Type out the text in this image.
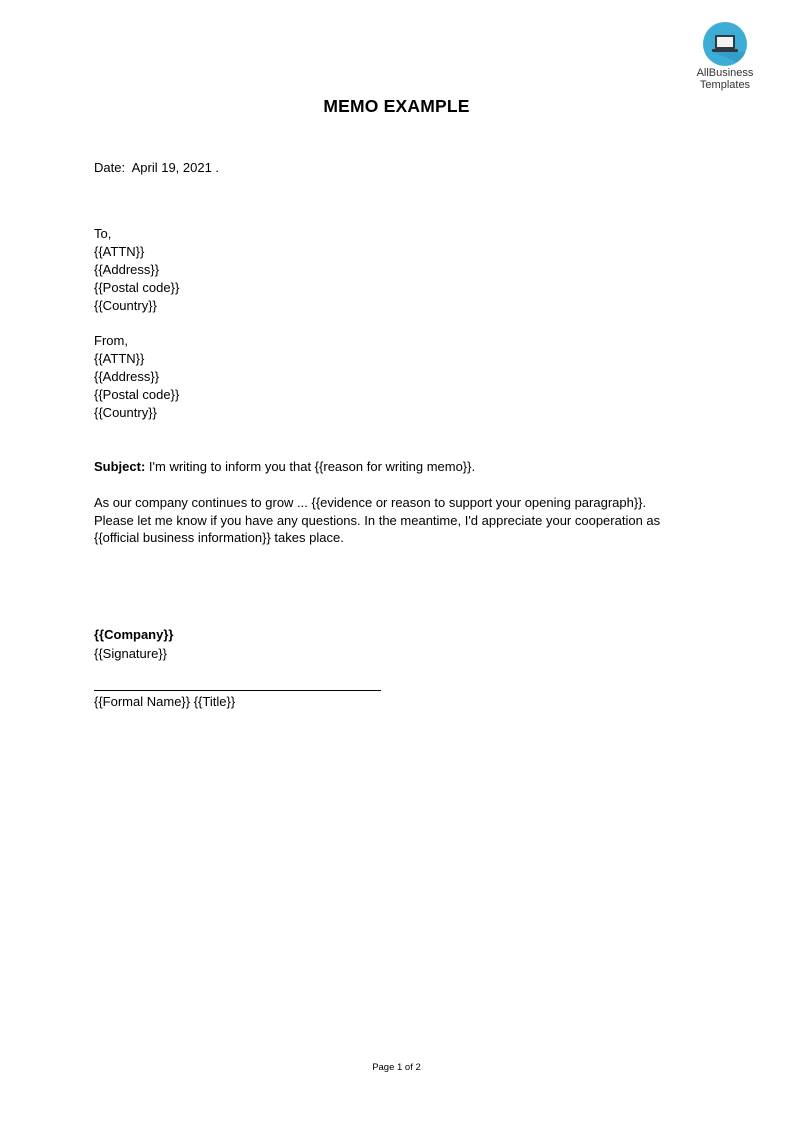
AllBusiness
Templates
MEMO EXAMPLE
Date: April 19, 2021 .
To,
{{ATTN}}
{{Address}}
{{Postal code}}
{{Country}}
From,
{{ATTN}}
{{Address}}
{{Postal code}}
{{Country}}
Subject: I'm writing to inform you that {{reason for writing memo}}.
As our company continues to grow ... {{evidence or reason to support your opening paragraph}}.
Please let me know if you have any questions. In the meantime, I'd appreciate your cooperation as
{{official business information}} takes place.
{{Company}}
{{Signature}}
{{Formal Name}} {{Title}}
Page 1 of 2
